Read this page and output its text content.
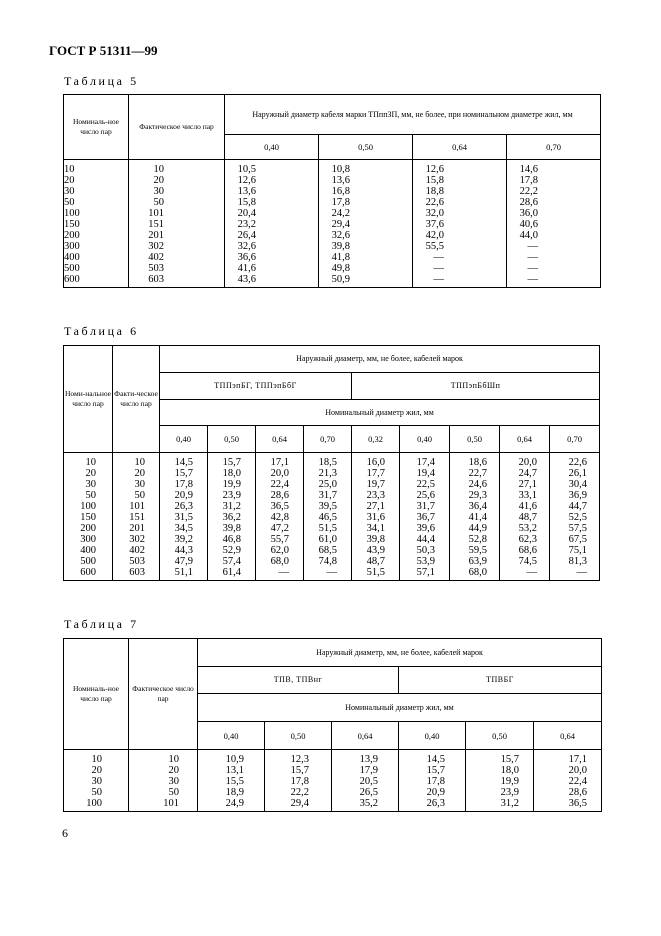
ГОСТ Р 51311—99
Таблица 5
Номиналь-ное число пар	Фактическое число пар	Наружный диаметр кабеля марки ТПппЗП, мм, не более, при номинальном диаметре жил, мм			
		0,40	0,50	0,64	0,70
10	10	10,5	10,8	12,6	14,6
20	20	12,6	13,6	15,8	17,8
30	30	13,6	16,8	18,8	22,2
50	50	15,8	17,8	22,6	28,6
100	101	20,4	24,2	32,0	36,0
150	151	23,2	29,4	37,6	40,6
200	201	26,4	32,6	42,0	44,0
300	302	32,6	39,8	55,5	—
400	402	36,6	41,8	—	—
500	503	41,6	49,8	—	—
600	603	43,6	50,9	—	—
Таблица 6
Номи-нальное число пар	Факти-ческое число пар	Наружный диаметр, мм, не более, кабелей марок								
		ТППэпБГ, ТППэпБбГ				ТППэпБбШп				
		Номинальный диаметр жил, мм								
		0,40	0,50	0,64	0,70	0,32	0,40	0,50	0,64	0,70
10	10	14,5	15,7	17,1	18,5	16,0	17,4	18,6	20,0	22,6
20	20	15,7	18,0	20,0	21,3	17,7	19,4	22,7	24,7	26,1
30	30	17,8	19,9	22,4	25,0	19,7	22,5	24,6	27,1	30,4
50	50	20,9	23,9	28,6	31,7	23,3	25,6	29,3	33,1	36,9
100	101	26,3	31,2	36,5	39,5	27,1	31,7	36,4	41,6	44,7
150	151	31,5	36,2	42,8	46,5	31,6	36,7	41,4	48,7	52,5
200	201	34,5	39,8	47,2	51,5	34,1	39,6	44,9	53,2	57,5
300	302	39,2	46,8	55,7	61,0	39,8	44,4	52,8	62,3	67,5
400	402	44,3	52,9	62,0	68,5	43,9	50,3	59,5	68,6	75,1
500	503	47,9	57,4	68,0	74,8	48,7	53,9	63,9	74,5	81,3
600	603	51,1	61,4	—	—	51,5	57,1	68,0	—	—
Таблица 7
Номиналь-ное число пар	Фактическое число пар	Наружный диаметр, мм, не более, кабелей марок					
		ТПВ, ТПВнг			ТПВБГ		
		Номинальный диаметр жил, мм					
		0,40	0,50	0,64	0,40	0,50	0,64
10	10	10,9	12,3	13,9	14,5	15,7	17,1
20	20	13,1	15,7	17,9	15,7	18,0	20,0
30	30	15,5	17,8	20,5	17,8	19,9	22,4
50	50	18,9	22,2	26,5	20,9	23,9	28,6
100	101	24,9	29,4	35,2	26,3	31,2	36,5
6
